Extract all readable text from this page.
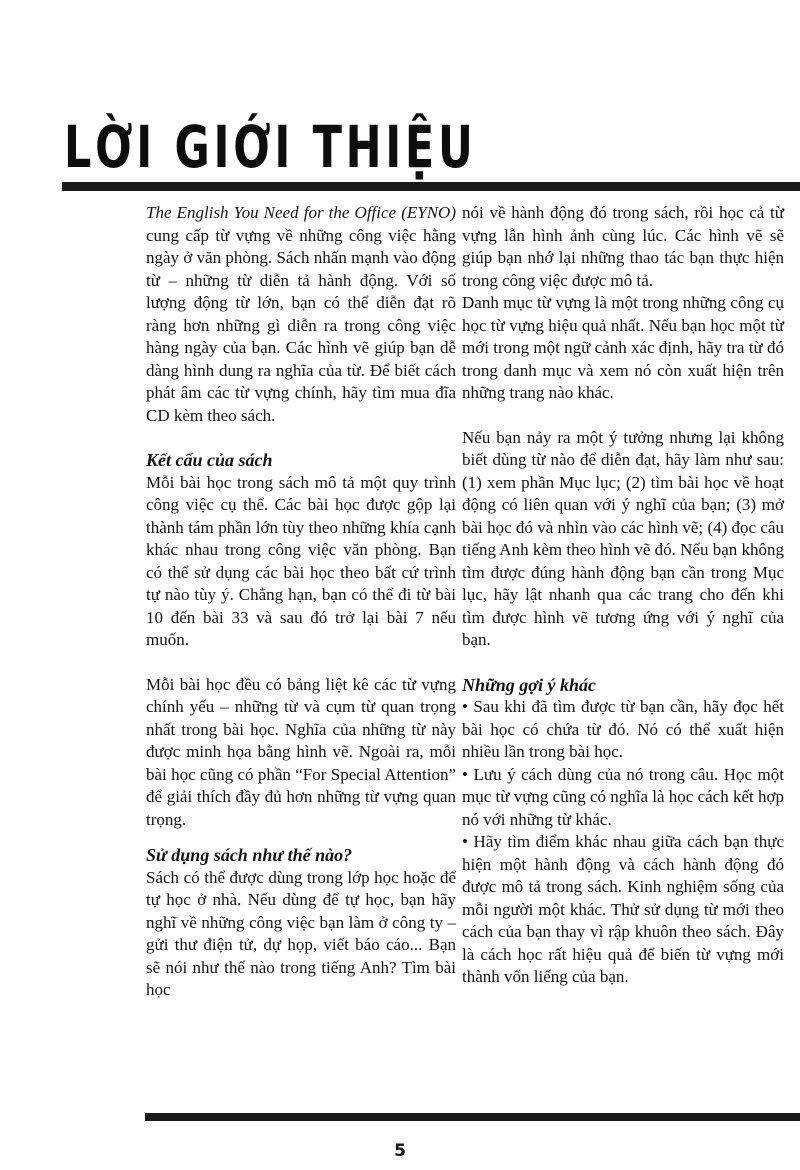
LỜI GIỚI THIỆU

The English You Need for the Office (EYNO) cung cấp từ vựng về những công việc hằng ngày ở văn phòng. Sách nhấn mạnh vào động từ – những từ diễn tả hành động. Với số lượng động từ lớn, bạn có thể diễn đạt rõ ràng hơn những gì diễn ra trong công việc hàng ngày của bạn. Các hình vẽ giúp bạn dễ dàng hình dung ra nghĩa của từ. Để biết cách phát âm các từ vựng chính, hãy tìm mua đĩa CD kèm theo sách.

Kết cấu của sách

Mỗi bài học trong sách mô tả một quy trình công việc cụ thể. Các bài học được gộp lại thành tám phần lớn tùy theo những khía cạnh khác nhau trong công việc văn phòng. Bạn có thể sử dụng các bài học theo bất cứ trình tự nào tùy ý. Chẳng hạn, bạn có thể đi từ bài 10 đến bài 33 và sau đó trở lại bài 7 nếu muốn.

Mỗi bài học đều có bảng liệt kê các từ vựng chính yếu – những từ và cụm từ quan trọng nhất trong bài học. Nghĩa của những từ này được minh họa bằng hình vẽ. Ngoài ra, mỗi bài học cũng có phần “For Special Attention” để giải thích đầy đủ hơn những từ vựng quan trọng.

Sử dụng sách như thế nào?

Sách có thể được dùng trong lớp học hoặc để tự học ở nhà. Nếu dùng để tự học, bạn hãy nghĩ về những công việc bạn làm ở công ty – gửi thư điện tử, dự họp, viết báo cáo... Bạn sẽ nói như thế nào trong tiếng Anh? Tìm bài học

nói về hành động đó trong sách, rồi học cả từ vựng lẫn hình ảnh cùng lúc. Các hình vẽ sẽ giúp bạn nhớ lại những thao tác bạn thực hiện trong công việc được mô tả.

Danh mục từ vựng là một trong những công cụ học từ vựng hiệu quả nhất. Nếu bạn học một từ mới trong một ngữ cảnh xác định, hãy tra từ đó trong danh mục và xem nó còn xuất hiện trên những trang nào khác.

Nếu bạn nảy ra một ý tưởng nhưng lại không biết dùng từ nào để diễn đạt, hãy làm như sau: (1) xem phần Mục lục; (2) tìm bài học về hoạt động có liên quan với ý nghĩ của bạn; (3) mở bài học đó và nhìn vào các hình vẽ; (4) đọc câu tiếng Anh kèm theo hình vẽ đó. Nếu bạn không tìm được đúng hành động bạn cần trong Mục lục, hãy lật nhanh qua các trang cho đến khi tìm được hình vẽ tương ứng với ý nghĩ của bạn.

Những gợi ý khác

• Sau khi đã tìm được từ bạn cần, hãy đọc hết bài học có chứa từ đó. Nó có thể xuất hiện nhiều lần trong bài học.

• Lưu ý cách dùng của nó trong câu. Học một mục từ vựng cũng có nghĩa là học cách kết hợp nó với những từ khác.

• Hãy tìm điểm khác nhau giữa cách bạn thực hiện một hành động và cách hành động đó được mô tả trong sách. Kinh nghiệm sống của mỗi người một khác. Thử sử dụng từ mới theo cách của bạn thay vì rập khuôn theo sách. Đây là cách học rất hiệu quả để biến từ vựng mới thành vốn liếng của bạn.

5
